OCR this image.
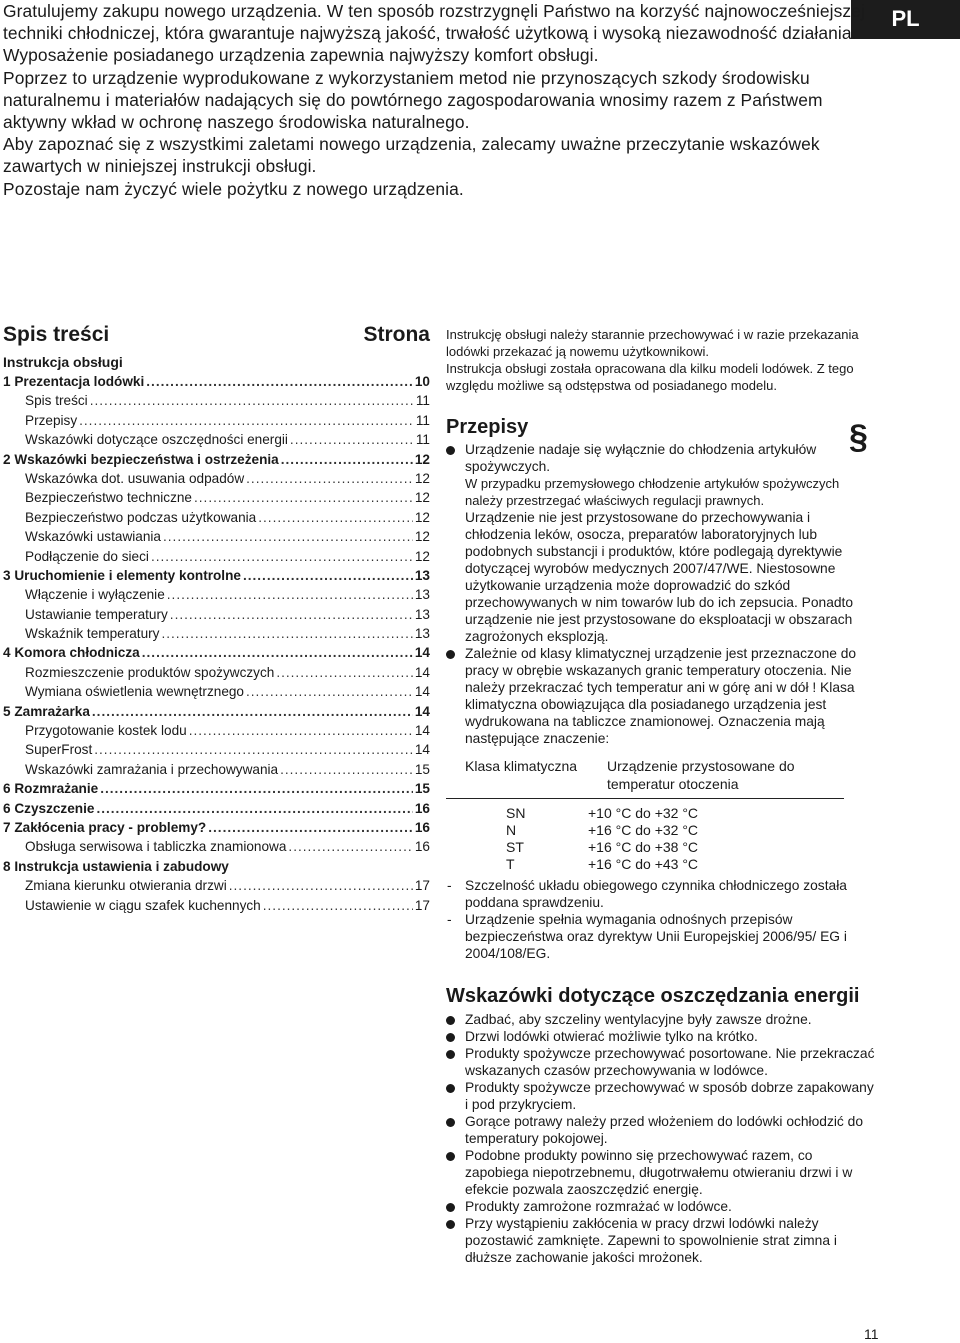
PL

Gratulujemy zakupu nowego urządzenia. W ten sposób rozstrzygnęli Państwo na korzyść najnowocześniejszej techniki chłodniczej, która gwarantuje najwyższą jakość, trwałość użytkową i wysoką niezawodność działania.

Wyposażenie posiadanego urządzenia zapewnia najwyższy komfort obsługi.

Poprzez to urządzenie wyprodukowane z wykorzystaniem metod nie przynoszących szkody środowisku naturalnemu i materiałów nadających się do powtórnego zagospodarowania wnosimy razem z Państwem aktywny wkład w ochronę naszego środowiska naturalnego.

Aby zapoznać się z wszystkimi zaletami nowego urządzenia, zalecamy uważne przeczytanie wskazówek zawartych w niniejszej instrukcji obsługi.

Pozostaje nam życzyć wiele pożytku z nowego urządzenia.

Spis treści	Strona
Instrukcja obsługi
1 Prezentacja lodówki .....	10
Spis treści .....	11
Przepisy .....	11
Wskazówki dotyczące oszczędności energii .....	11
2 Wskazówki bezpieczeństwa i ostrzeżenia .....	12
Wskazówka dot. usuwania odpadów .....	12
Bezpieczeństwo techniczne .....	12
Bezpieczeństwo podczas użytkowania .....	12
Wskazówki ustawiania .....	12
Podłączenie do sieci .....	12
3 Uruchomienie i elementy kontrolne .....	13
Włączenie i wyłączenie .....	13
Ustawianie temperatury .....	13
Wskaźnik temperatury .....	13
4 Komora chłodnicza .....	14
Rozmieszczenie produktów spożywczych .....	14
Wymiana oświetlenia wewnętrznego .....	14
5 Zamrażarka .....	14
Przygotowanie kostek lodu .....	14
SuperFrost .....	14
Wskazówki zamrażania i przechowywania .....	15
6 Rozmrażanie .....	15
6 Czyszczenie .....	16
7 Zakłócenia pracy - problemy? .....	16
Obsługa serwisowa i tabliczka znamionowa .....	16
8 Instrukcja ustawienia i zabudowy
Zmiana kierunku otwierania drzwi .....	17
Ustawienie w ciągu szafek kuchennych .....	17
§

Instrukcję obsługi należy starannie przechowywać i w razie przekazania lodówki przekazać ją nowemu użytkownikowi.

Instrukcja obsługi została opracowana dla kilku modeli lodówek. Z tego względu możliwe są odstępstwa od posiadanego modelu.

Przepisy
Urządzenie nadaje się wyłącznie do chłodzenia artykułów spożywczych.

W przypadku przemysłowego chłodzenie artykułów spożywczych należy przestrzegać właściwych regulacji prawnych.

Urządzenie nie jest przystosowane do przechowywania i chłodzenia leków, osocza, preparatów laboratoryjnych lub podobnych substancji i produktów, które podlegają dyrektywie dotyczącej wyrobów medycznych 2007/47/WE. Niestosowne użytkowanie urządzenia może doprowadzić do szkód przechowywanych w nim towarów lub do ich zepsucia. Ponadto urządzenie nie jest przystosowane do eksploatacji w obszarach zagrożonych eksplozją.

Zależnie od klasy klimatycznej urządzenie jest przeznaczone do pracy w obrębie wskazanych granic temperatury otoczenia. Nie należy przekraczać tych temperatur ani w górę ani w dół ! Klasa klimatyczna obowiązująca dla posiadanego urządzenia jest wydrukowana na tabliczce znamionowej. Oznaczenia mają następujące znaczenie:
Klasa klimatyczna	Urządzenie przystosowane do temperatur otoczenia
SN	+10 °C do +32 °C
N	+16 °C do +32 °C
ST	+16 °C do +38 °C
T	+16 °C do +43 °C
- Szczelność układu obiegowego czynnika chłodniczego została poddana sprawdzeniu.
- Urządzenie spełnia wymagania odnośnych przepisów bezpieczeństwa oraz dyrektyw Unii Europejskiej 2006/95/ EG i 2004/108/EG.
Wskazówki dotyczące oszczędzania energii
Zadbać, aby szczeliny wentylacyjne były zawsze drożne.
Drzwi lodówki otwierać możliwie tylko na krótko.
Produkty spożywcze przechowywać posortowane. Nie przekraczać wskazanych czasów przechowywania w lodówce.
Produkty spożywcze przechowywać w sposób dobrze zapakowany i pod przykryciem.
Gorące potrawy należy przed włożeniem do lodówki ochłodzić do temperatury pokojowej.
Podobne produkty powinno się przechowywać razem, co zapobiega niepotrzebnemu, długotrwałemu otwieraniu drzwi i w efekcie pozwala zaoszczędzić energię.
Produkty zamrożone rozmrażać w lodówce.
Przy wystąpieniu zakłócenia w pracy drzwi lodówki należy pozostawić zamknięte. Zapewni to spowolnienie strat zimna i dłuższe zachowanie jakości mrożonek.
11
